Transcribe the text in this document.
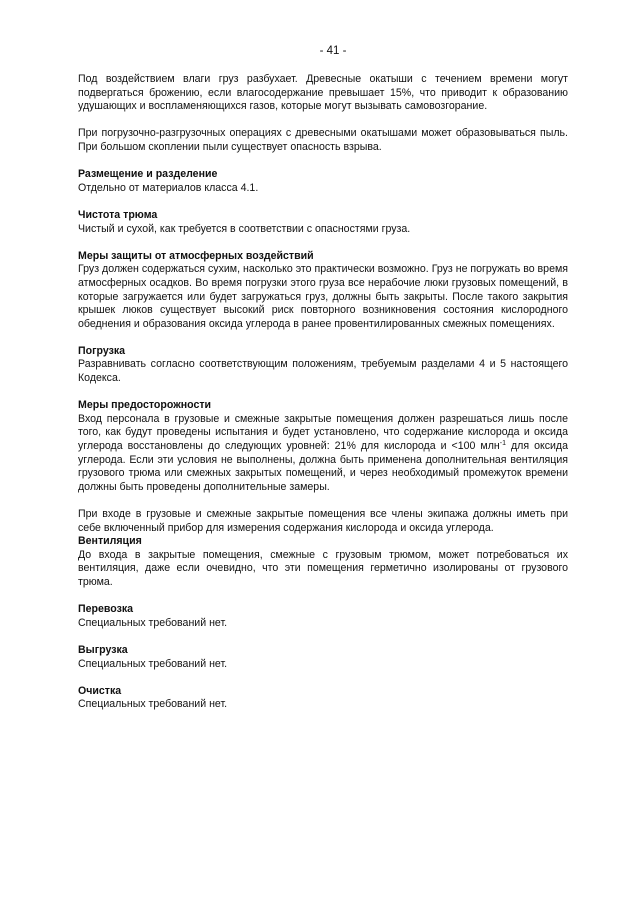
- 41 -

Под воздействием влаги груз разбухает. Древесные окатыши с течением времени могут подвергаться брожению, если влагосодержание превышает 15%, что приводит к образованию удушающих и воспламеняющихся газов, которые могут вызывать самовозгорание.

При погрузочно-разгрузочных операциях с древесными окатышами может образовываться пыль. При большом скоплении пыли существует опасность взрыва.

Размещение и разделение

Отдельно от материалов класса 4.1.

Чистота трюма

Чистый и сухой, как требуется в соответствии с опасностями груза.

Меры защиты от атмосферных воздействий

Груз должен содержаться сухим, насколько это практически возможно. Груз не погружать во время атмосферных осадков. Во время погрузки этого груза все нерабочие люки грузовых помещений, в которые загружается или будет загружаться груз, должны быть закрыты. После такого закрытия крышек люков существует высокий риск повторного возникновения состояния кислородного обеднения и образования оксида углерода в ранее провентилированных смежных помещениях.

Погрузка

Разравнивать согласно соответствующим положениям, требуемым разделами 4 и 5 настоящего Кодекса.

Меры предосторожности

Вход персонала в грузовые и смежные закрытые помещения должен разрешаться лишь после того, как будут проведены испытания и будет установлено, что содержание кислорода и оксида углерода восстановлены до следующих уровней: 21% для кислорода и <100 млн$^{-1}$ для оксида углерода. Если эти условия не выполнены, должна быть применена дополнительная вентиляция грузового трюма или смежных закрытых помещений, и через необходимый промежуток времени должны быть проведены дополнительные замеры.

При входе в грузовые и смежные закрытые помещения все члены экипажа должны иметь при себе включенный прибор для измерения содержания кислорода и оксида углерода.

Вентиляция

До входа в закрытые помещения, смежные с грузовым трюмом, может потребоваться их вентиляция, даже если очевидно, что эти помещения герметично изолированы от грузового трюма.

Перевозка

Специальных требований нет.

Выгрузка

Специальных требований нет.

Очистка

Специальных требований нет.
